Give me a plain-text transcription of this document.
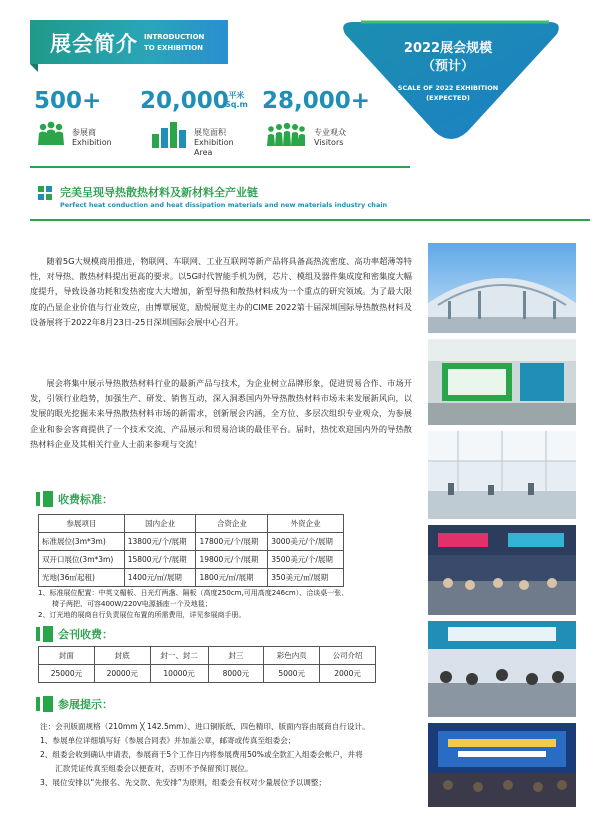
展会简介 INTRODUCTION
TO EXHIBITION	2022展会规模
（预计）
SCALE OF 2022 EXHIBITION
(EXPECTED)
500+
参展商
Exhibition
20,000 平米
Sq.m
展览面积
Exhibition
Area
28,000+
专业观众
Visitors
完美呈现导热散热材料及新材料全产业链
Perfect heat conduction and heat dissipation materials and new materials industry chain
随着5G大规模商用推进，物联网、车联网、工业互联网等新产品将具备高热流密度、高功率超薄等特性，对导热、散热材料提出更高的要求。以5G时代智能手机为例，芯片、模组及器件集成度和密集度大幅度提升，导致设备功耗和发热密度大大增加，新型导热和散热材料成为一个重点的研究领域。为了最大限度的凸显企业价值与行业效应，由博覃展览，励悦展览主办的CIME 2022第十届深圳国际导热散热材料及设备展将于2022年8月23日-25日深圳国际会展中心召开。
展会将集中展示导热散热材料行业的最新产品与技术，为企业树立品牌形象，促进贸易合作、市场开发，引领行业趋势，加强生产、研发、销售互动，深入洞悉国内外导热散热材料市场未来发展新风向，以发展的眼光挖掘未来导热散热材料市场的新需求，创新展会内涵，全方位、多层次组织专业观众，为参展企业和参会客商提供了一个技术交流、产品展示和贸易洽谈的最佳平台。届时，热忱欢迎国内外的导热散热材料企业及其相关行业人士前来参观与交流！
收费标准：
参展项目	国内企业	合资企业	外资企业
标准展位(3m*3m)	13800元/个/展期	17800元/个/展期	3000美元/个/展期
双开口展位(3m*3m)	15800元/个/展期	19800元/个/展期	3500美元/个/展期
光地(36㎡起租)	1400元/㎡/展期	1800元/㎡/展期	350美元/㎡/展期
1、标准展位配置：中英文楣板、日光灯两盏、隔板（高度250cm,可用高度246cm）、洽谈桌一张、
　　椅子两把、可容400W/220V电源插座一个及地毯；
2、订光地的展商自行负责展位布置的所需费用，详见参展商手册。
会刊收费：
封面	封底	封一、封二	封三	彩色内页	公司介绍
25000元	20000元	10000元	8000元	5000元	2000元
参展提示：
注：会刊版面规格（210mm ╳ 142.5mm）、进口铜版纸、四色精印、版面内容由展商自行设计。
1、参展单位详细填写好《参展合同表》并加盖公章，邮寄或传真至组委会；
2、组委会收到确认申请表，参展商于5个工作日内将参展费用50%或全款汇入组委会帐户，并将
　　汇款凭证传真至组委会以便查对，否则不予保留预订展位。
3、展位安排以“先报名、先交款、先安排”为原则，组委会有权对少量展位予以调整；
